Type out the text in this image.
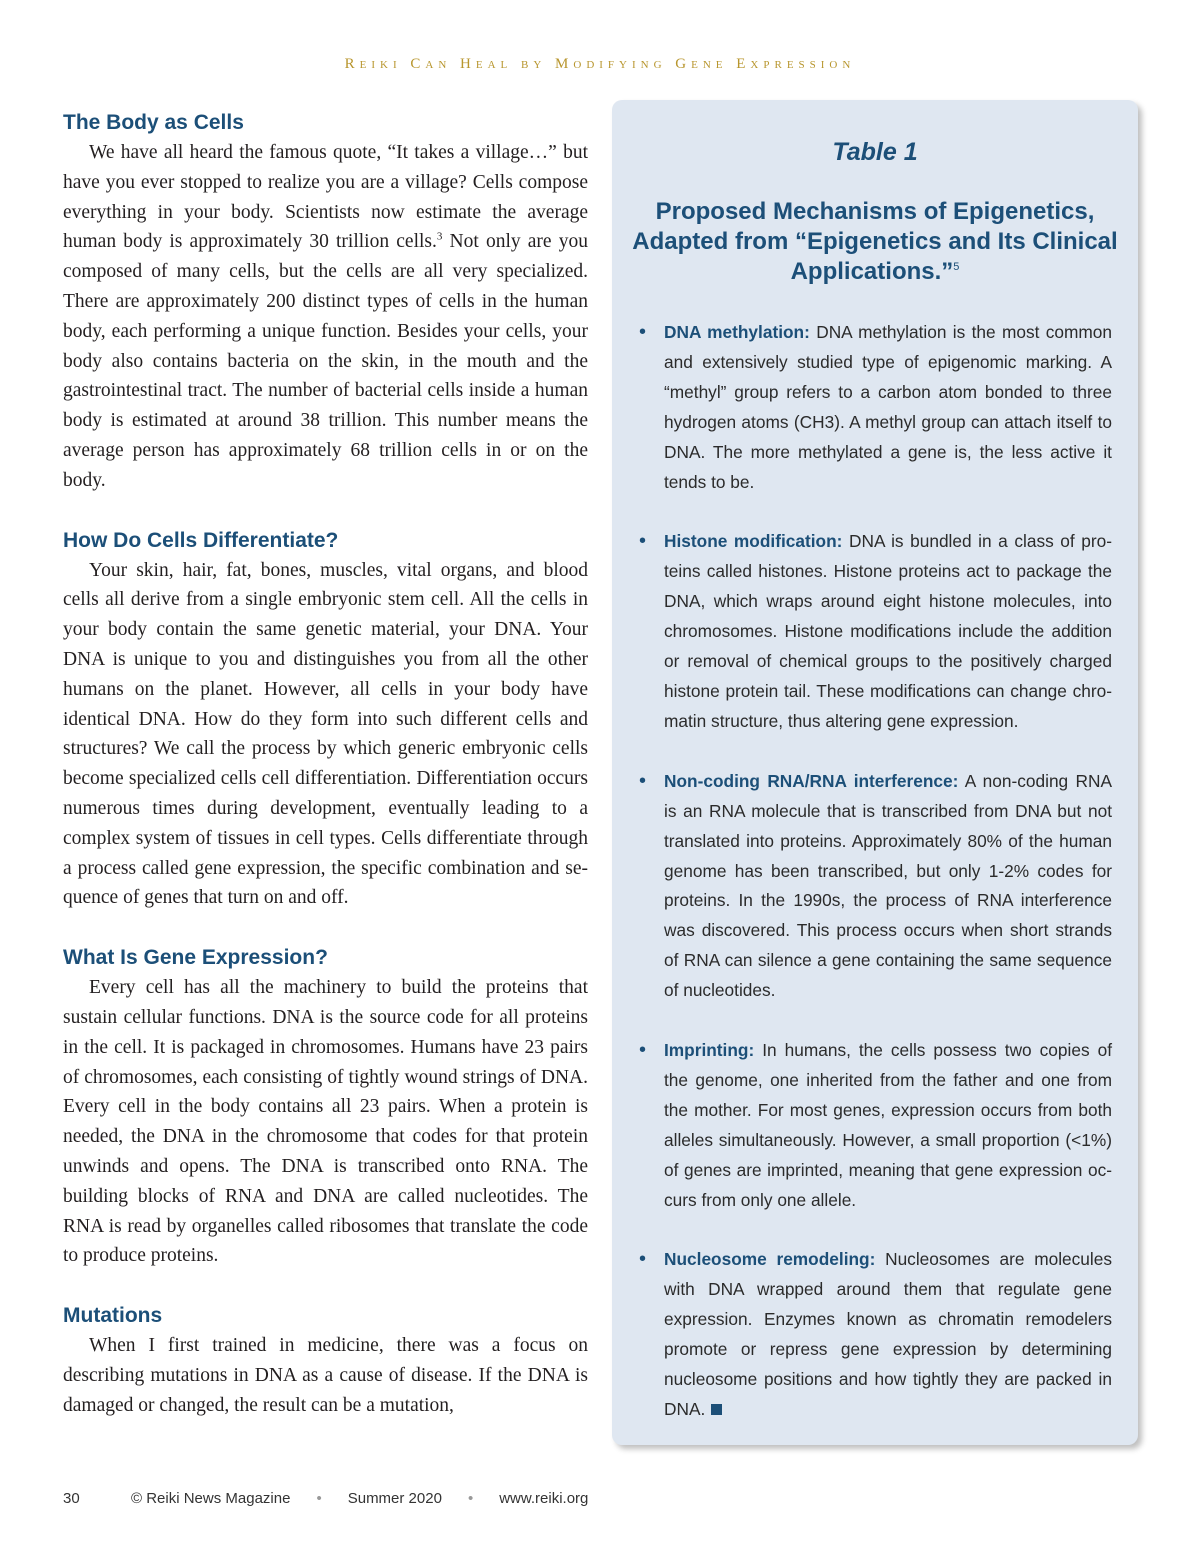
Reiki Can Heal by Modifying Gene Expression
The Body as Cells

We have all heard the famous quote, “It takes a village…” but have you ever stopped to realize you are a village? Cells compose everything in your body. Scientists now estimate the average human body is approximately 30 trillion cells.$^3$ Not only are you composed of many cells, but the cells are all very specialized. There are approximately 200 distinct types of cells in the human body, each performing a unique function. Besides your cells, your body also contains bacteria on the skin, in the mouth and the gastrointestinal tract. The number of bacterial cells inside a human body is estimated at around 38 trillion. This number means the average person has approximately 68 trillion cells in or on the body.

How Do Cells Differentiate?

Your skin, hair, fat, bones, muscles, vital organs, and blood cells all derive from a single embryonic stem cell. All the cells in your body contain the same genetic material, your DNA. Your DNA is unique to you and distinguishes you from all the other humans on the planet. However, all cells in your body have identical DNA. How do they form into such different cells and structures? We call the process by which generic embryonic cells become specialized cells cell differentiation. Differentiation occurs numerous times during development, eventually leading to a complex system of tissues in cell types. Cells differentiate through a process called gene expression, the specific combination and sequence of genes that turn on and off.

What Is Gene Expression?

Every cell has all the machinery to build the proteins that sustain cellular functions. DNA is the source code for all proteins in the cell. It is packaged in chromosomes. Humans have 23 pairs of chromosomes, each consisting of tightly wound strings of DNA. Every cell in the body contains all 23 pairs. When a protein is needed, the DNA in the chromosome that codes for that protein unwinds and opens. The DNA is transcribed onto RNA. The building blocks of RNA and DNA are called nucleotides. The RNA is read by organelles called ribosomes that translate the code to produce proteins.

Mutations

When I first trained in medicine, there was a focus on describing mutations in DNA as a cause of disease. If the DNA is damaged or changed, the result can be a mutation,

Table 1
Proposed Mechanisms of Epigenetics, Adapted from “Epigenetics and Its Clinical Applications.”$^5$
• DNA methylation: DNA methylation is the most common and extensively studied type of epigenomic marking. A “methyl” group refers to a carbon atom bonded to three hydrogen atoms (CH3). A methyl group can attach itself to DNA. The more methylated a gene is, the less active it tends to be.
• Histone modification: DNA is bundled in a class of proteins called histones. Histone proteins act to package the DNA, which wraps around eight histone molecules, into chromosomes. Histone modifications include the addition or removal of chemical groups to the positively charged histone protein tail. These modifications can change chromatin structure, thus altering gene expression.
• Non-coding RNA/RNA interference: A non-coding RNA is an RNA molecule that is transcribed from DNA but not translated into proteins. Approximately 80% of the human genome has been transcribed, but only 1-2% codes for proteins. In the 1990s, the process of RNA interference was discovered. This process occurs when short strands of RNA can silence a gene containing the same sequence of nucleotides.
• Imprinting: In humans, the cells possess two copies of the genome, one inherited from the father and one from the mother. For most genes, expression occurs from both alleles simultaneously. However, a small proportion (<1%) of genes are imprinted, meaning that gene expression occurs from only one allele.
• Nucleosome remodeling: Nucleosomes are molecules with DNA wrapped around them that regulate gene expression. Enzymes known as chromatin remodelers promote or repress gene expression by determining nucleosome positions and how tightly they are packed in DNA.
30	© Reiki News Magazine • Summer 2020 • www.reiki.org
